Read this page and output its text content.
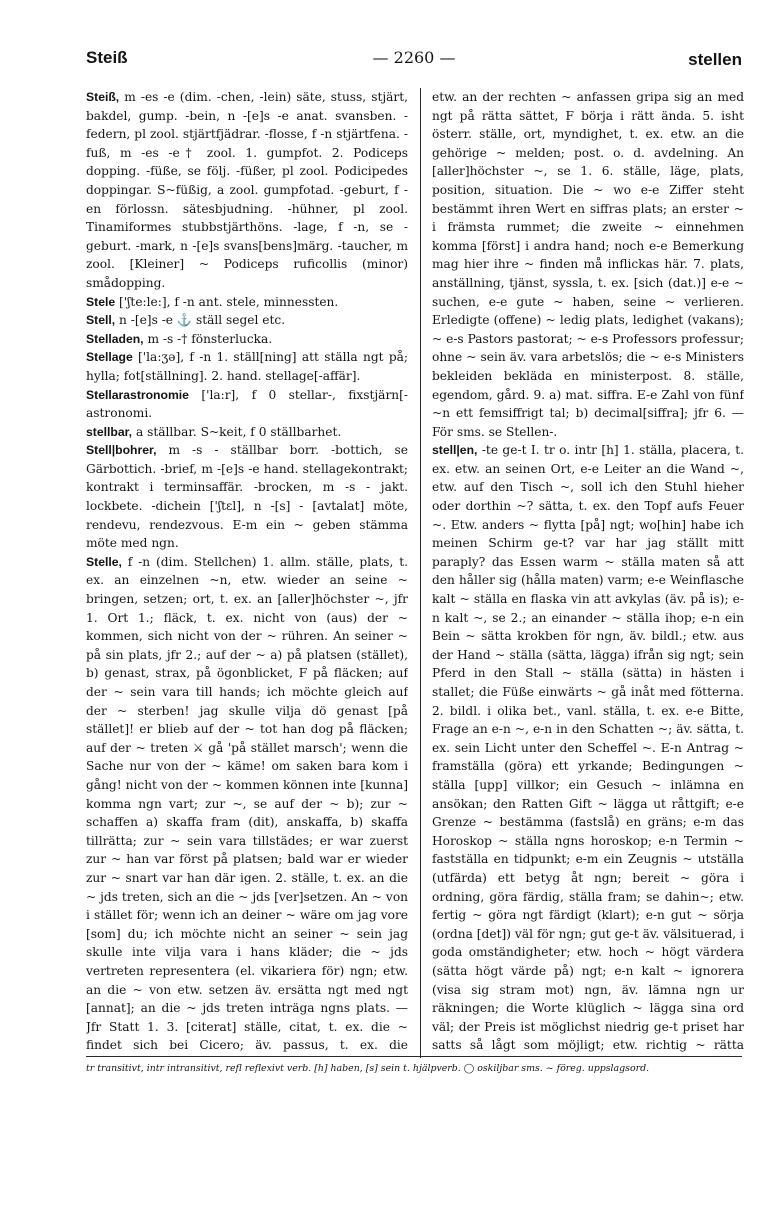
Steiß	— 2260 —	stellen

Steiß, m -es -e (dim. -chen, -lein) säte, stuss, stjärt, bakdel, gump. -bein, n -[e]s -e anat. svansben. -federn, pl zool. stjärtfjädrar. -flosse, f -n stjärtfena. -fuß, m -es -e† zool. 1. gumpfot. 2. Podiceps dopping. -füße, se följ. -füßer, pl zool. Podicipedes doppingar. S~füßig, a zool. gumpfotad. -geburt, f -en förlossn. sätesbjudning. -hühner, pl zool. Tinamiformes stubbstjärthöns. -lage, f -n, se -geburt. -mark, n -[e]s svans[bens]märg. -taucher, m zool. [Kleiner] ~ Podiceps ruficollis (minor) smådopping.

Stele ['ʃte:le:], f -n ant. stele, minnessten.

Stell, n -[e]s -e ⚓ ställ segel etc.

Stelladen, m -s -† fönsterlucka.

Stellage ['la:ʒə], f -n 1. ställ[ning] att ställa ngt på; hylla; fot[ställning]. 2. hand. stellage[-affär].

Stellarastronomie ['la:r], f 0 stellar-, fixstjärn[-astronomi.

stellbar, a ställbar. S~keit, f 0 ställbarhet.

Stell|bohrer, m -s - ställbar borr. -bottich, se Gärbottich. -brief, m -[e]s -e hand. stellagekontrakt; kontrakt i terminsaffär. -brocken, m -s - jakt. lockbete. -dichein ['ʃtɛl], n -[s] - [avtalat] möte, rendevu, rendezvous. E-m ein ~ geben stämma möte med ngn.

Stelle, f -n (dim. Stellchen) 1. allm. ställe, plats, t. ex. an einzelnen ~n, etw. wieder an seine ~ bringen, setzen; ort, t. ex. an [aller]höchster ~, jfr 1. Ort 1.; fläck, t. ex. nicht von (aus) der ~ kommen, sich nicht von der ~ rühren. An seiner ~ på sin plats, jfr 2.; auf der ~ a) på platsen (stället), b) genast, strax, på ögonblicket, F på fläcken; auf der ~ sein vara till hands; ich möchte gleich auf der ~ sterben! jag skulle vilja dö genast [på stället]! er blieb auf der ~ tot han dog på fläcken; auf der ~ treten ⚔ gå 'på stället marsch'; wenn die Sache nur von der ~ käme! om saken bara kom i gång! nicht von der ~ kommen können inte [kunna] komma ngn vart; zur ~, se auf der ~ b); zur ~ schaffen a) skaffa fram (dit), anskaffa, b) skaffa tillrätta; zur ~ sein vara tillstädes; er war zuerst zur ~ han var först på platsen; bald war er wieder zur ~ snart var han där igen. 2. ställe, t. ex. an die ~ jds treten, sich an die ~ jds [ver]setzen. An ~ von i stället för; wenn ich an deiner ~ wäre om jag vore [som] du; ich möchte nicht an seiner ~ sein jag skulle inte vilja vara i hans kläder; die ~ jds vertreten representera (el. vikariera för) ngn; etw. an die ~ von etw. setzen äv. ersätta ngt med ngt [annat]; an die ~ jds treten inträga ngns plats. — Jfr Statt 1. 3. [citerat] ställe, citat, t. ex. die ~ findet sich bei Cicero; äv. passus, t. ex. die

etw. an der rechten ~ anfassen gripa sig an med ngt på rätta sättet, F börja i rätt ända. 5. isht österr. ställe, ort, myndighet, t. ex. etw. an die gehörige ~ melden; post. o. d. avdelning. An [aller]höchster ~, se 1. 6. ställe, läge, plats, position, situation. Die ~ wo e-e Ziffer steht bestämmt ihren Wert en siffras plats; an erster ~ i främsta rummet; die zweite ~ einnehmen komma [först] i andra hand; noch e-e Bemerkung mag hier ihre ~ finden må inflickas här. 7. plats, anställning, tjänst, syssla, t. ex. [sich (dat.)] e-e ~ suchen, e-e gute ~ haben, seine ~ verlieren. Erledigte (offene) ~ ledig plats, ledighet (vakans); ~ e-s Pastors pastorat; ~ e-s Professors professur; ohne ~ sein äv. vara arbetslös; die ~ e-s Ministers bekleiden bekläda en ministerpost. 8. ställe, egendom, gård. 9. a) mat. siffra. E-e Zahl von fünf ~n ett femsiffrigt tal; b) decimal[siffra]; jfr 6. — För sms. se Stellen-.

stell|en, -te ge-t I. tr o. intr [h] 1. ställa, placera, t. ex. etw. an seinen Ort, e-e Leiter an die Wand ~, etw. auf den Tisch ~, soll ich den Stuhl hieher oder dorthin ~? sätta, t. ex. den Topf aufs Feuer ~. Etw. anders ~ flytta [på] ngt; wo[hin] habe ich meinen Schirm ge-t? var har jag ställt mitt paraply? das Essen warm ~ ställa maten så att den håller sig (hålla maten) varm; e-e Weinflasche kalt ~ ställa en flaska vin att avkylas (äv. på is); e-n kalt ~, se 2.; an einander ~ ställa ihop; e-n ein Bein ~ sätta krokben för ngn, äv. bildl.; etw. aus der Hand ~ ställa (sätta, lägga) ifrån sig ngt; sein Pferd in den Stall ~ ställa (sätta) in hästen i stallet; die Füße einwärts ~ gå inåt med fötterna. 2. bildl. i olika bet., vanl. ställa, t. ex. e-e Bitte, Frage an e-n ~, e-n in den Schatten ~; äv. sätta, t. ex. sein Licht unter den Scheffel ~. E-n Antrag ~ framställa (göra) ett yrkande; Bedingungen ~ ställa [upp] villkor; ein Gesuch ~ inlämna en ansökan; den Ratten Gift ~ lägga ut råttgift; e-e Grenze ~ bestämma (fastslå) en gräns; e-m das Horoskop ~ ställa ngns horoskop; e-n Termin ~ fastställa en tidpunkt; e-m ein Zeugnis ~ utställa (utfärda) ett betyg åt ngn; bereit ~ göra i ordning, göra färdig, ställa fram; se dahin~; etw. fertig ~ göra ngt färdigt (klart); e-n gut ~ sörja (ordna [det]) väl för ngn; gut ge-t äv. välsituerad, i goda omständigheter; etw. hoch ~ högt värdera (sätta högt värde på) ngt; e-n kalt ~ ignorera (visa sig stram mot) ngn, äv. lämna ngn ur räkningen; die Worte klüglich ~ lägga sina ord väl; der Preis ist möglichst niedrig ge-t priset har satts så lågt som möjligt; etw. richtig ~ rätta

tr transitivt, intr intransitivt, refl reflexivt verb. [h] haben, [s] sein t. hjälpverb. ◯ oskiljbar sms. ~ föreg. uppslagsord.
